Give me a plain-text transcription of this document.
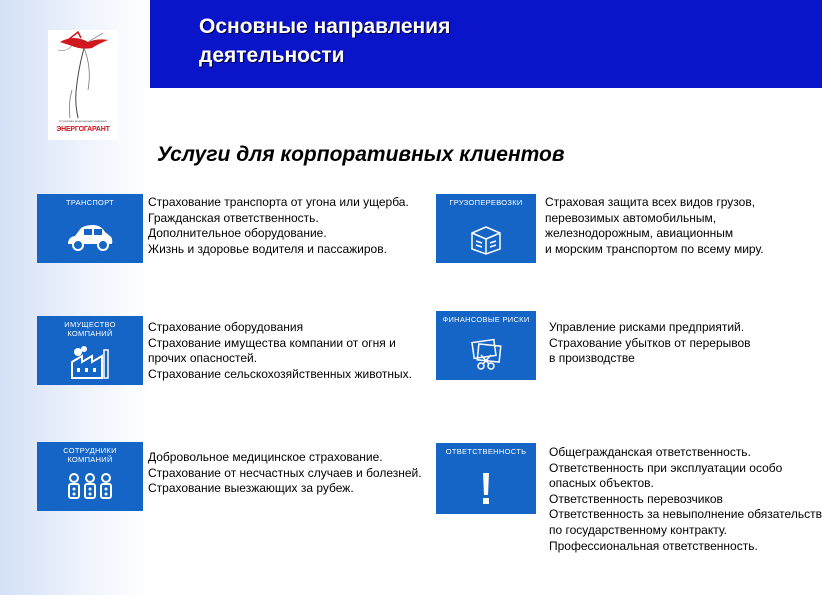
Основные направления
деятельности
Страховая акционерная компания
ЭНЕРГОГАРАНТ
Услуги для корпоративных клиентов
ТРАНСПОРТ
ИМУЩЕСТВО
КОМПАНИЙ
СОТРУДНИКИ
КОМПАНИЙ
ГРУЗОПЕРЕВОЗКИ
ФИНАНСОВЫЕ РИСКИ
ОТВЕТСТВЕННОСТЬ
Страхование транспорта от угона или ущерба.
Гражданская ответственность.
Дополнительное оборудование.
Жизнь и здоровье водителя и пассажиров.
Страхование оборудования
Страхование имущества компании от огня и
прочих опасностей.
Страхование сельскохозяйственных животных.
Добровольное медицинское страхование.
Страхование от несчастных случаев и болезней.
Страхование выезжающих за рубеж.
Страховая защита всех видов грузов,
перевозимых автомобильным,
железнодорожным, авиационным
и морским транспортом по всему миру.
Управление рисками предприятий.
Страхование убытков от перерывов
в производстве
Общегражданская ответственность.
Ответственность при эксплуатации особо
опасных объектов.
Ответственность перевозчиков
Ответственность за невыполнение обязательств
по государственному контракту.
Профессиональная ответственность.
